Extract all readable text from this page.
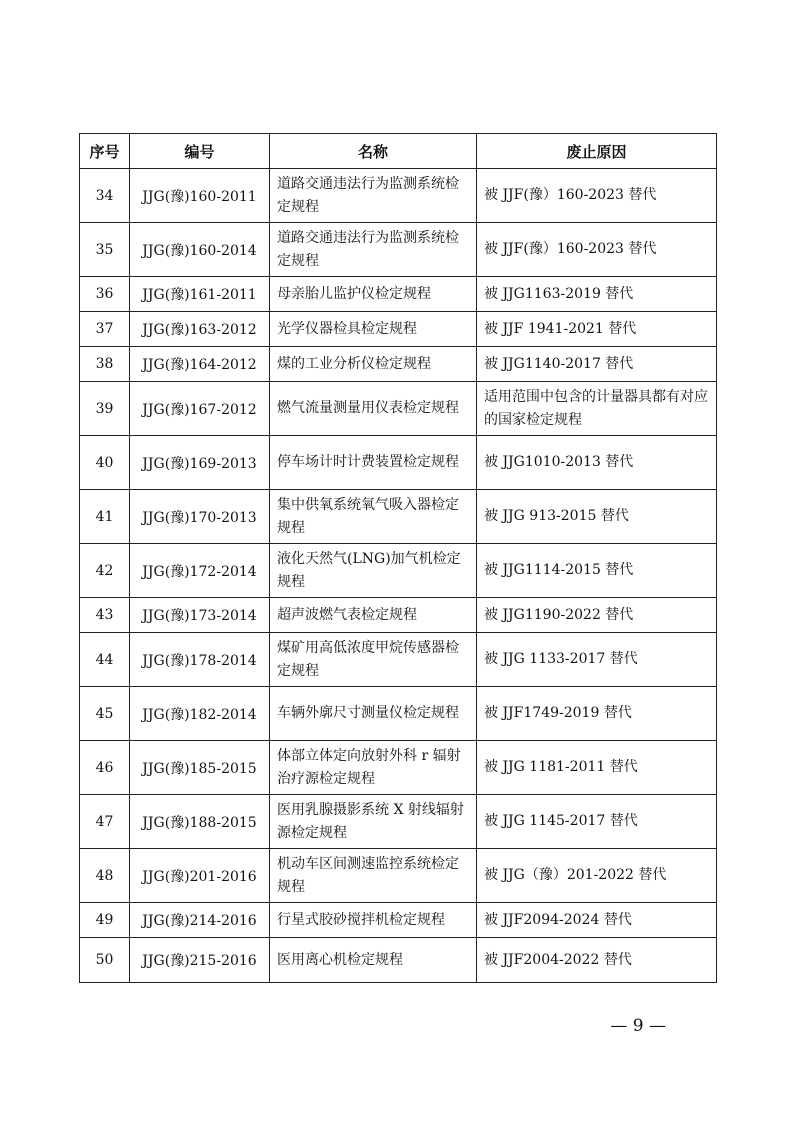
序号	编号	名称	废止原因
34	JJG(豫)160-2011	道路交通违法行为监测系统检定规程	被 JJF(豫）160-2023 替代
35	JJG(豫)160-2014	道路交通违法行为监测系统检定规程	被 JJF(豫）160-2023 替代
36	JJG(豫)161-2011	母亲胎儿监护仪检定规程	被 JJG1163-2019 替代
37	JJG(豫)163-2012	光学仪器检具检定规程	被 JJF 1941-2021 替代
38	JJG(豫)164-2012	煤的工业分析仪检定规程	被 JJG1140-2017 替代
39	JJG(豫)167-2012	燃气流量测量用仪表检定规程	适用范围中包含的计量器具都有对应的国家检定规程
40	JJG(豫)169-2013	停车场计时计费装置检定规程	被 JJG1010-2013 替代
41	JJG(豫)170-2013	集中供氧系统氧气吸入器检定规程	被 JJG 913-2015 替代
42	JJG(豫)172-2014	液化天然气(LNG)加气机检定规程	被 JJG1114-2015 替代
43	JJG(豫)173-2014	超声波燃气表检定规程	被 JJG1190-2022 替代
44	JJG(豫)178-2014	煤矿用高低浓度甲烷传感器检定规程	被 JJG 1133-2017 替代
45	JJG(豫)182-2014	车辆外廓尺寸测量仪检定规程	被 JJF1749-2019 替代
46	JJG(豫)185-2015	体部立体定向放射外科 r 辐射治疗源检定规程	被 JJG 1181-2011 替代
47	JJG(豫)188-2015	医用乳腺摄影系统 X 射线辐射源检定规程	被 JJG 1145-2017 替代
48	JJG(豫)201-2016	机动车区间测速监控系统检定规程	被 JJG（豫）201-2022 替代
49	JJG(豫)214-2016	行星式胶砂搅拌机检定规程	被 JJF2094-2024 替代
50	JJG(豫)215-2016	医用离心机检定规程	被 JJF2004-2022 替代
— 9 —
